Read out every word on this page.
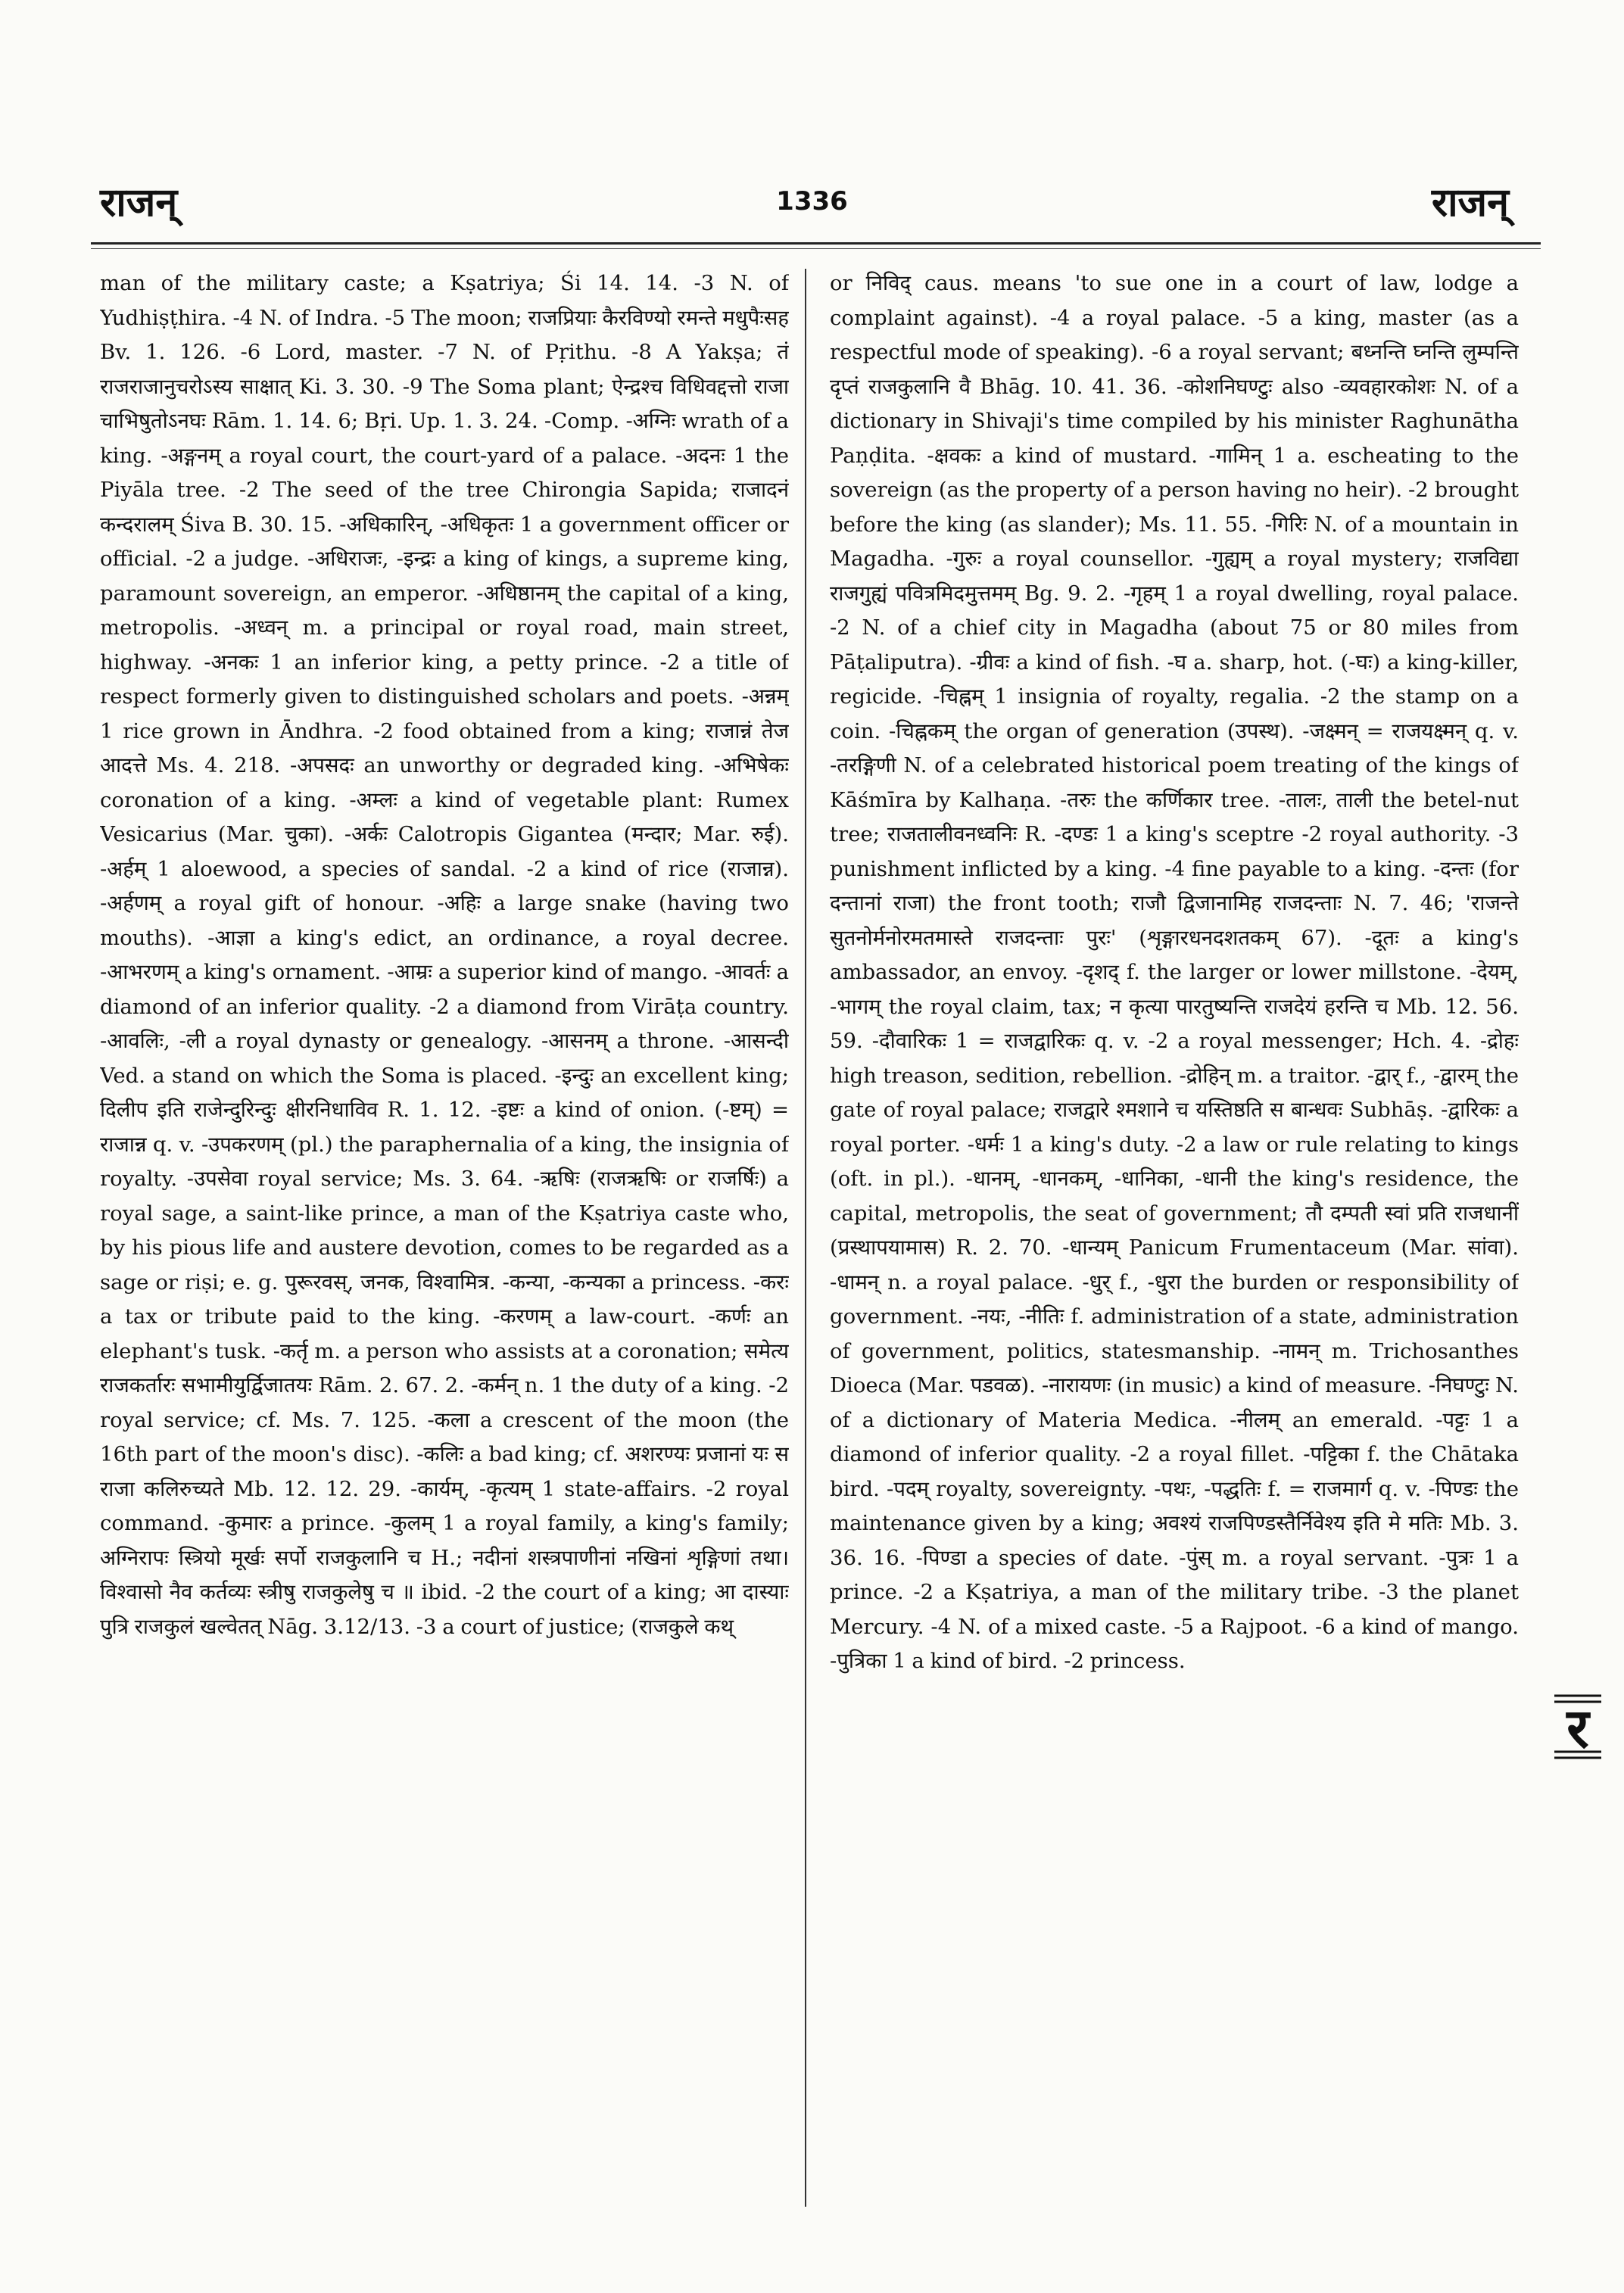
राजन्	1336	राजन्
man of the military caste; a Kṣatriya; Śi 14. 14. -3 N. of Yudhiṣṭhira. -4 N. of Indra. -5 The moon; राजप्रियाः कैरविण्यो रमन्ते मधुपैःसह Bv. 1. 126. -6 Lord, master. -7 N. of Pṛithu. -8 A Yakṣa; तं राजराजानुचरोऽस्य साक्षात् Ki. 3. 30. -9 The Soma plant; ऐन्द्रश्च विधिवद्दत्तो राजा चाभिषुतोऽनघः Rām. 1. 14. 6; Bṛi. Up. 1. 3. 24. -Comp. -अग्निः wrath of a king. -अङ्गनम् a royal court, the court-yard of a palace. -अदनः 1 the Piyāla tree. -2 The seed of the tree Chirongia Sapida; राजादनं कन्दरालम् Śiva B. 30. 15. -अधिकारिन्, -अधिकृतः 1 a government officer or official. -2 a judge. -अधिराजः, -इन्द्रः a king of kings, a supreme king, paramount sovereign, an emperor. -अधिष्ठानम् the capital of a king, metropolis. -अध्वन् m. a principal or royal road, main street, highway. -अनकः 1 an inferior king, a petty prince. -2 a title of respect formerly given to distinguished scholars and poets. -अन्नम् 1 rice grown in Āndhra. -2 food obtained from a king; राजान्नं तेज आदत्ते Ms. 4. 218. -अपसदः an unworthy or degraded king. -अभिषेकः coronation of a king. -अम्लः a kind of vegetable plant: Rumex Vesicarius (Mar. चुका). -अर्कः Calotropis Gigantea (मन्दार; Mar. रुई). -अर्हम् 1 aloewood, a species of sandal. -2 a kind of rice (राजान्न). -अर्हणम् a royal gift of honour. -अहिः a large snake (having two mouths). -आज्ञा a king's edict, an ordinance, a royal decree. -आभरणम् a king's ornament. -आम्रः a superior kind of mango. -आवर्तः a diamond of an inferior quality. -2 a diamond from Virāṭa country. -आवलिः, -ली a royal dynasty or genealogy. -आसनम् a throne. -आसन्दी Ved. a stand on which the Soma is placed. -इन्दुः an excellent king; दिलीप इति राजेन्दुरिन्दुः क्षीरनिधाविव R. 1. 12. -इष्टः a kind of onion. (-ष्टम्) = राजान्न q. v. -उपकरणम् (pl.) the paraphernalia of a king, the insignia of royalty. -उपसेवा royal service; Ms. 3. 64. -ऋषिः (राजऋषिः or राजर्षिः) a royal sage, a saint-like prince, a man of the Kṣatriya caste who, by his pious life and austere devotion, comes to be regarded as a sage or riṣi; e. g. पुरूरवस्, जनक, विश्वामित्र. -कन्या, -कन्यका a princess. -करः a tax or tribute paid to the king. -करणम् a law-court. -कर्णः an elephant's tusk. -कर्तृ m. a person who assists at a coronation; समेत्य राजकर्तारः सभामीयुर्द्विजातयः Rām. 2. 67. 2. -कर्मन् n. 1 the duty of a king. -2 royal service; cf. Ms. 7. 125. -कला a crescent of the moon (the 16th part of the moon's disc). -कलिः a bad king; cf. अशरण्यः प्रजानां यः स राजा कलिरुच्यते Mb. 12. 12. 29. -कार्यम्, -कृत्यम् 1 state-affairs. -2 royal command. -कुमारः a prince. -कुलम् 1 a royal family, a king's family; अग्निरापः स्त्रियो मूर्खः सर्पो राजकुलानि च H.; नदीनां शस्त्रपाणीनां नखिनां शृङ्गिणां तथा। विश्वासो नैव कर्तव्यः स्त्रीषु राजकुलेषु च ॥ ibid. -2 the court of a king; आ दास्याः पुत्रि राजकुलं खल्वेतत् Nāg. 3.12/13. -3 a court of justice; (राजकुले कथ्
or निविद् caus. means 'to sue one in a court of law, lodge a complaint against). -4 a royal palace. -5 a king, master (as a respectful mode of speaking). -6 a royal servant; बध्नन्ति घ्नन्ति लुम्पन्ति दृप्तं राजकुलानि वै Bhāg. 10. 41. 36. -कोशनिघण्टुः also -व्यवहारकोशः N. of a dictionary in Shivaji's time compiled by his minister Raghunātha Paṇḍita. -क्षवकः a kind of mustard. -गामिन् 1 a. escheating to the sovereign (as the property of a person having no heir). -2 brought before the king (as slander); Ms. 11. 55. -गिरिः N. of a mountain in Magadha. -गुरुः a royal counsellor. -गुह्यम् a royal mystery; राजविद्या राजगुह्यं पवित्रमिदमुत्तमम् Bg. 9. 2. -गृहम् 1 a royal dwelling, royal palace. -2 N. of a chief city in Magadha (about 75 or 80 miles from Pāṭaliputra). -ग्रीवः a kind of fish. -घ a. sharp, hot. (-घः) a king-killer, regicide. -चिह्नम् 1 insignia of royalty, regalia. -2 the stamp on a coin. -चिह्नकम् the organ of generation (उपस्थ). -जक्ष्मन् = राजयक्ष्मन् q. v. -तरङ्गिणी N. of a celebrated historical poem treating of the kings of Kāśmīra by Kalhaṇa. -तरुः the कर्णिकार tree. -तालः, ताली the betel-nut tree; राजतालीवनध्वनिः R. -दण्डः 1 a king's sceptre -2 royal authority. -3 punishment inflicted by a king. -4 fine payable to a king. -दन्तः (for दन्तानां राजा) the front tooth; राजौ द्विजानामिह राजदन्ताः N. 7. 46; 'राजन्ते सुतनोर्मनोरमतमास्ते राजदन्ताः पुरः' (शृङ्गारधनदशतकम् 67). -दूतः a king's ambassador, an envoy. -दृशद् f. the larger or lower millstone. -देयम्, -भागम् the royal claim, tax; न कृत्या पारतुष्यन्ति राजदेयं हरन्ति च Mb. 12. 56. 59. -दौवारिकः 1 = राजद्वारिकः q. v. -2 a royal messenger; Hch. 4. -द्रोहः high treason, sedition, rebellion. -द्रोहिन् m. a traitor. -द्वार् f., -द्वारम् the gate of royal palace; राजद्वारे श्मशाने च यस्तिष्ठति स बान्धवः Subhāṣ. -द्वारिकः a royal porter. -धर्मः 1 a king's duty. -2 a law or rule relating to kings (oft. in pl.). -धानम्, -धानकम्, -धानिका, -धानी the king's residence, the capital, metropolis, the seat of government; तौ दम्पती स्वां प्रति राजधानीं (प्रस्थापयामास) R. 2. 70. -धान्यम् Panicum Frumentaceum (Mar. सांवा). -धामन् n. a royal palace. -धुर् f., -धुरा the burden or responsibility of government. -नयः, -नीतिः f. administration of a state, administration of government, politics, statesmanship. -नामन् m. Trichosanthes Dioeca (Mar. पडवळ). -नारायणः (in music) a kind of measure. -निघण्टुः N. of a dictionary of Materia Medica. -नीलम् an emerald. -पट्टः 1 a diamond of inferior quality. -2 a royal fillet. -पट्टिका f. the Chātaka bird. -पदम् royalty, sovereignty. -पथः, -पद्धतिः f. = राजमार्ग q. v. -पिण्डः the maintenance given by a king; अवश्यं राजपिण्डस्तैर्निवेश्य इति मे मतिः Mb. 3. 36. 16. -पिण्डा a species of date. -पुंस् m. a royal servant. -पुत्रः 1 a prince. -2 a Kṣatriya, a man of the military tribe. -3 the planet Mercury. -4 N. of a mixed caste. -5 a Rajpoot. -6 a kind of mango. -पुत्रिका 1 a kind of bird. -2 princess.
र
